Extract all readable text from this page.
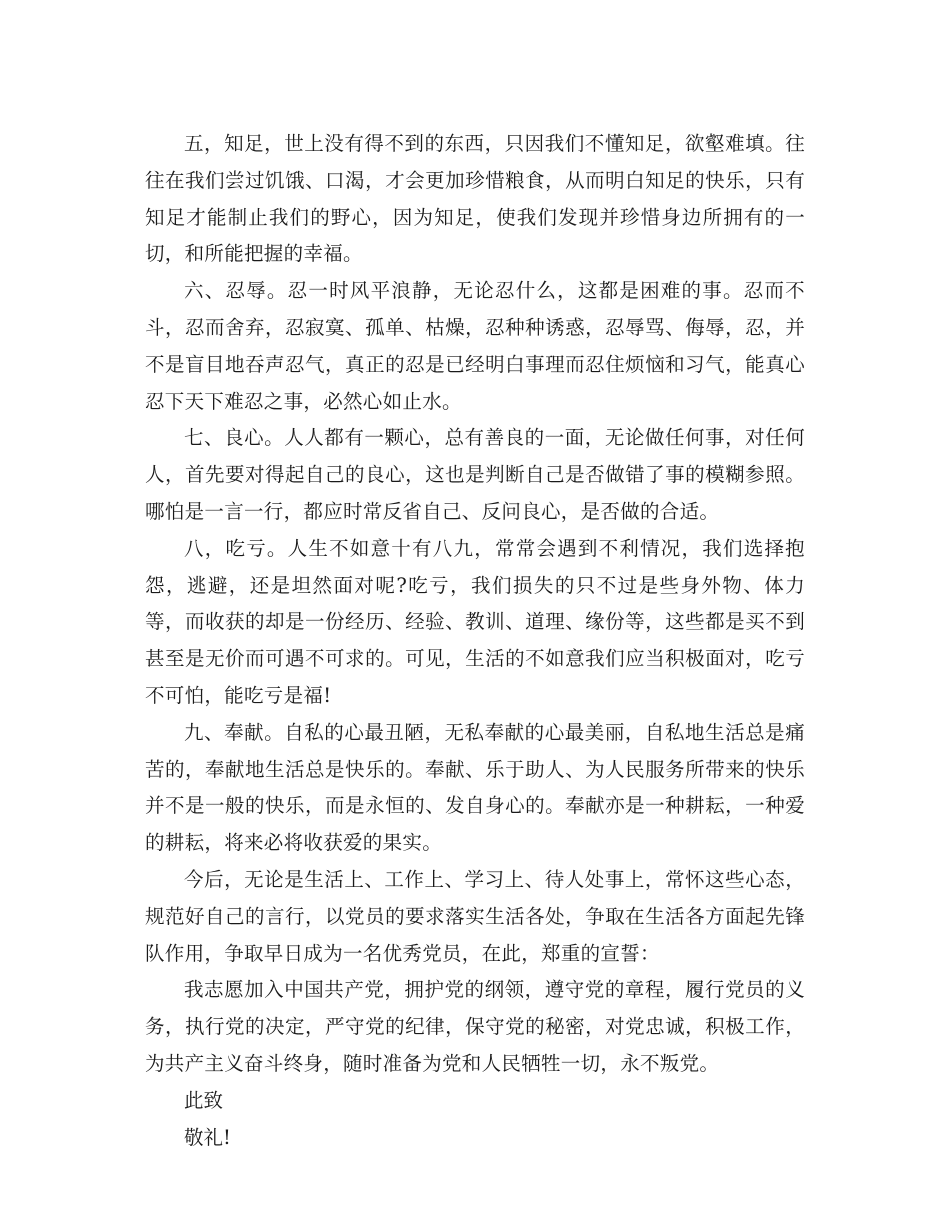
五，知足，世上没有得不到的东西，只因我们不懂知足，欲壑难填。往往在我们尝过饥饿、口渴，才会更加珍惜粮食，从而明白知足的快乐，只有知足才能制止我们的野心，因为知足，使我们发现并珍惜身边所拥有的一切，和所能把握的幸福。

六、忍辱。忍一时风平浪静，无论忍什么，这都是困难的事。忍而不斗，忍而舍弃，忍寂寞、孤单、枯燥，忍种种诱惑，忍辱骂、侮辱，忍，并不是盲目地吞声忍气，真正的忍是已经明白事理而忍住烦恼和习气，能真心忍下天下难忍之事，必然心如止水。

七、良心。人人都有一颗心，总有善良的一面，无论做任何事，对任何人，首先要对得起自己的良心，这也是判断自己是否做错了事的模糊参照。哪怕是一言一行，都应时常反省自己、反问良心，是否做的合适。

八，吃亏。人生不如意十有八九，常常会遇到不利情况，我们选择抱怨，逃避，还是坦然面对呢?吃亏，我们损失的只不过是些身外物、体力等，而收获的却是一份经历、经验、教训、道理、缘份等，这些都是买不到甚至是无价而可遇不可求的。可见，生活的不如意我们应当积极面对，吃亏不可怕，能吃亏是福!

九、奉献。自私的心最丑陋，无私奉献的心最美丽，自私地生活总是痛苦的，奉献地生活总是快乐的。奉献、乐于助人、为人民服务所带来的快乐并不是一般的快乐，而是永恒的、发自身心的。奉献亦是一种耕耘，一种爱的耕耘，将来必将收获爱的果实。

今后，无论是生活上、工作上、学习上、待人处事上，常怀这些心态，规范好自己的言行，以党员的要求落实生活各处，争取在生活各方面起先锋队作用，争取早日成为一名优秀党员，在此，郑重的宣誓：

我志愿加入中国共产党，拥护党的纲领，遵守党的章程，履行党员的义务，执行党的决定，严守党的纪律，保守党的秘密，对党忠诚，积极工作，为共产主义奋斗终身，随时准备为党和人民牺牲一切，永不叛党。

此致

敬礼!
